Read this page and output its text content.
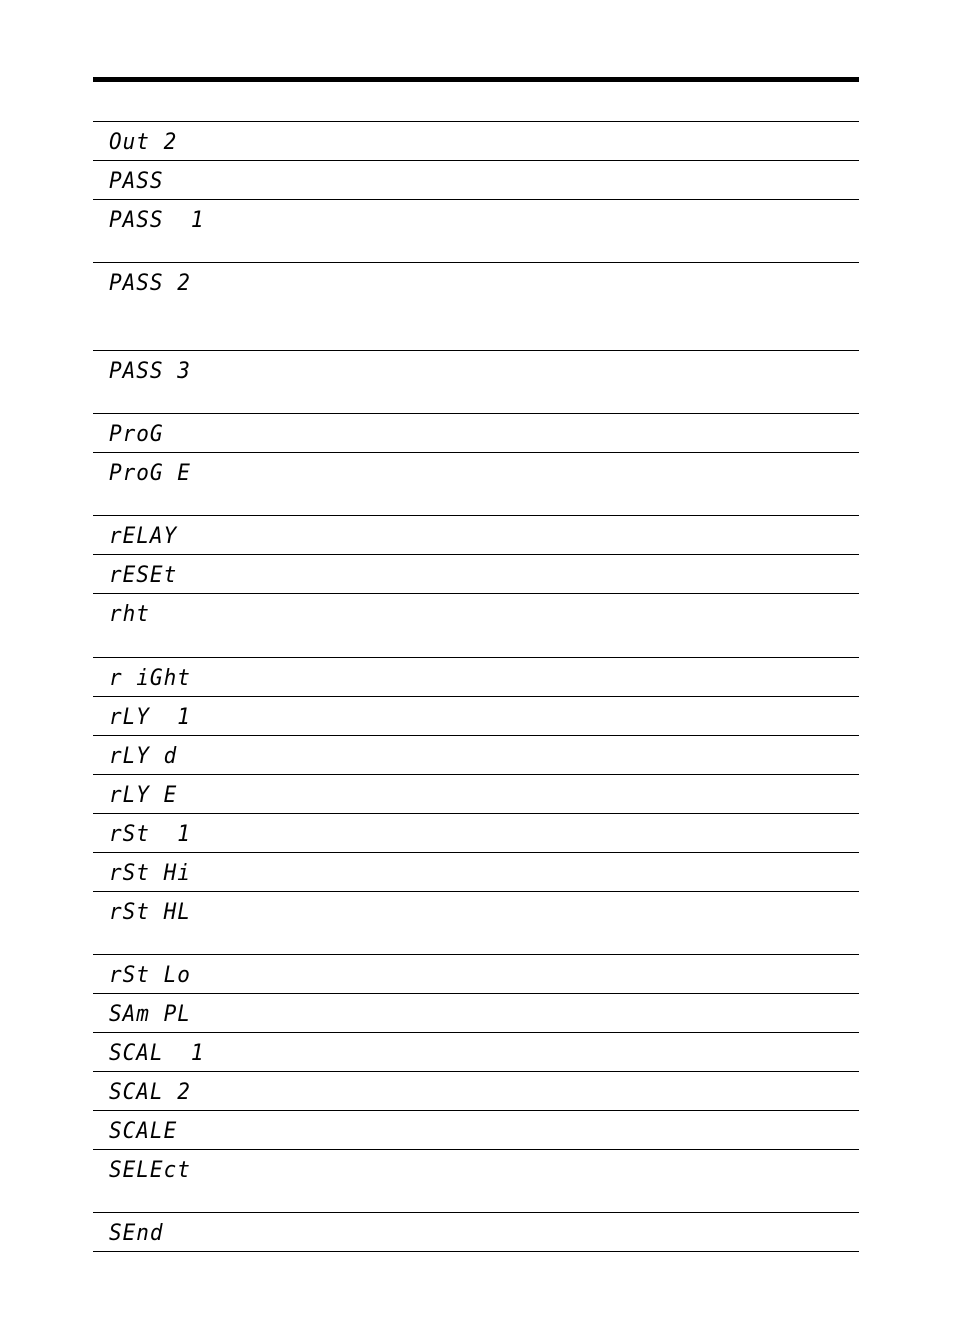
Out 2
PASS
PASS  1
PASS 2
PASS 3
ProG
ProG E
rELAY
rESEt
rht
r iGht
rLY  1
rLY d
rLY E
rSt  1
rSt Hi
rSt HL
rSt Lo
SAm PL
SCAL  1
SCAL 2
SCALE
SELEct
SEnd
